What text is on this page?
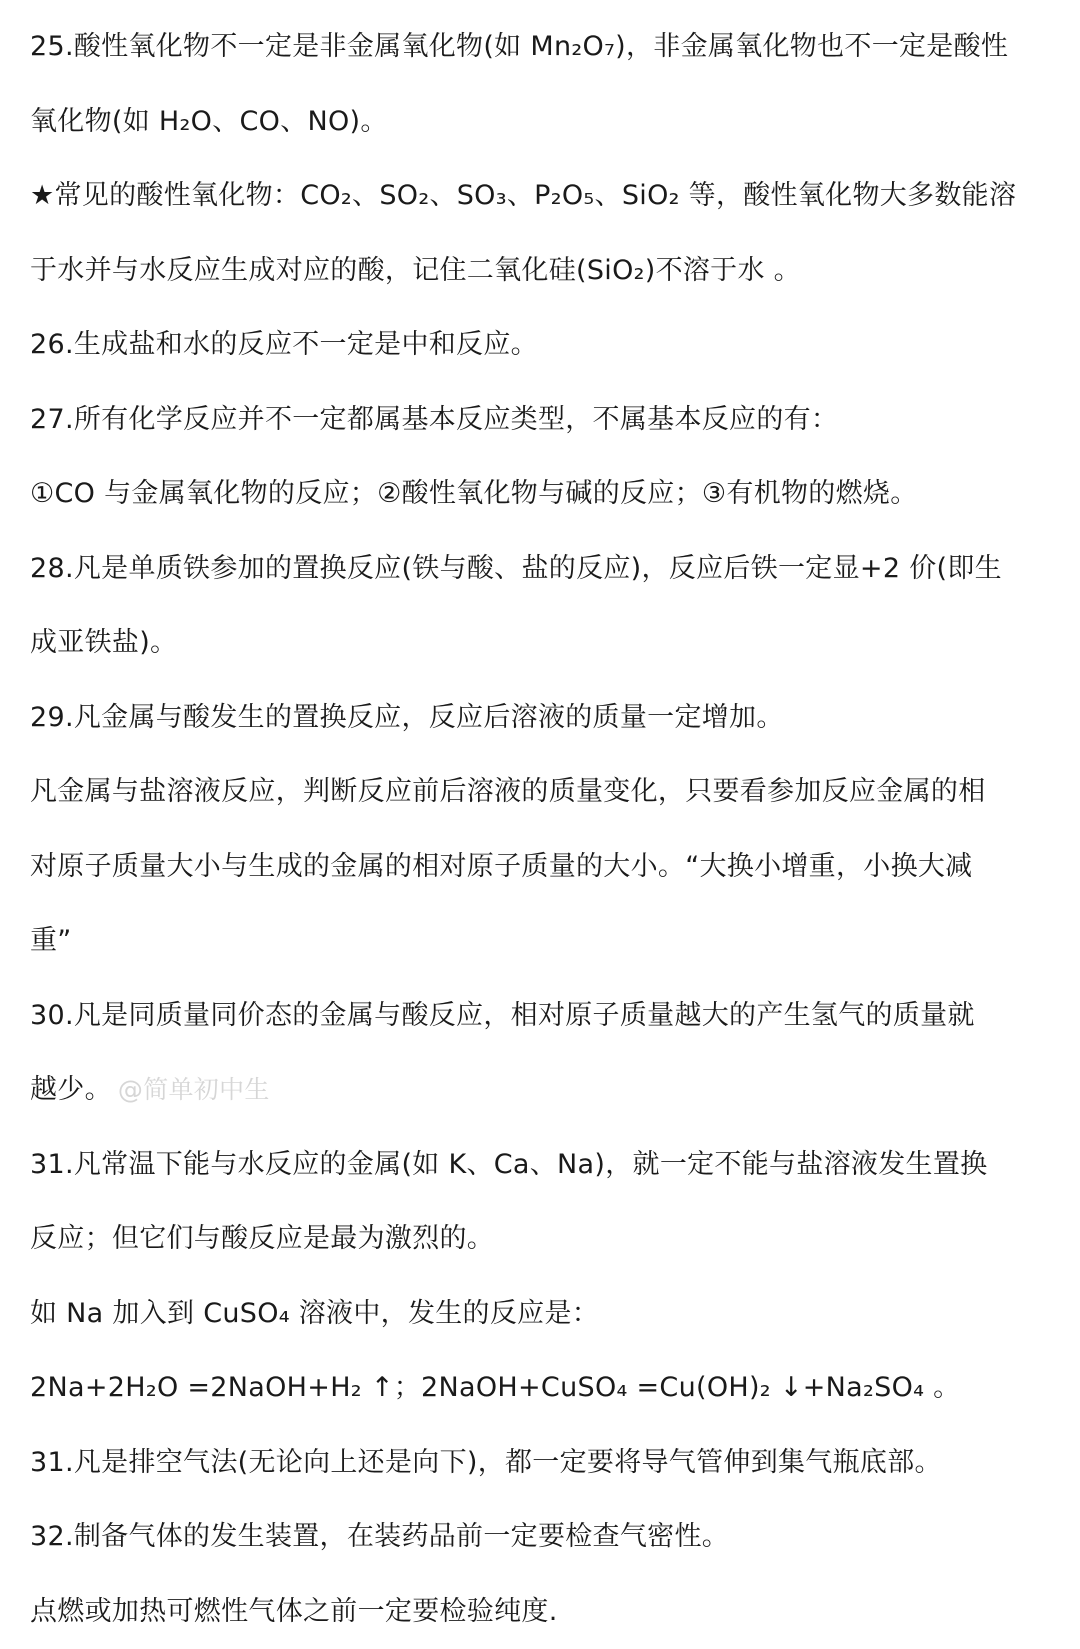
25.酸性氧化物不一定是非金属氧化物(如 Mn₂O₇)，非金属氧化物也不一定是酸性
氧化物(如 H₂O、CO、NO)。
★常见的酸性氧化物：CO₂、SO₂、SO₃、P₂O₅、SiO₂ 等，酸性氧化物大多数能溶
于水并与水反应生成对应的酸，记住二氧化硅(SiO₂)不溶于水 。
26.生成盐和水的反应不一定是中和反应。
27.所有化学反应并不一定都属基本反应类型，不属基本反应的有：
①CO 与金属氧化物的反应；②酸性氧化物与碱的反应；③有机物的燃烧。
28.凡是单质铁参加的置换反应(铁与酸、盐的反应)，反应后铁一定显+2 价(即生
成亚铁盐)。
29.凡金属与酸发生的置换反应，反应后溶液的质量一定增加。
凡金属与盐溶液反应，判断反应前后溶液的质量变化，只要看参加反应金属的相
对原子质量大小与生成的金属的相对原子质量的大小。“大换小增重，小换大减
重”
30.凡是同质量同价态的金属与酸反应，相对原子质量越大的产生氢气的质量就
越少。 @简单初中生
31.凡常温下能与水反应的金属(如 K、Ca、Na)，就一定不能与盐溶液发生置换
反应；但它们与酸反应是最为激烈的。
如 Na 加入到 CuSO₄ 溶液中，发生的反应是：
2Na+2H₂O =2NaOH+H₂ ↑；2NaOH+CuSO₄ =Cu(OH)₂ ↓+Na₂SO₄ 。
31.凡是排空气法(无论向上还是向下)，都一定要将导气管伸到集气瓶底部。
32.制备气体的发生装置，在装药品前一定要检查气密性。
点燃或加热可燃性气体之前一定要检验纯度.
